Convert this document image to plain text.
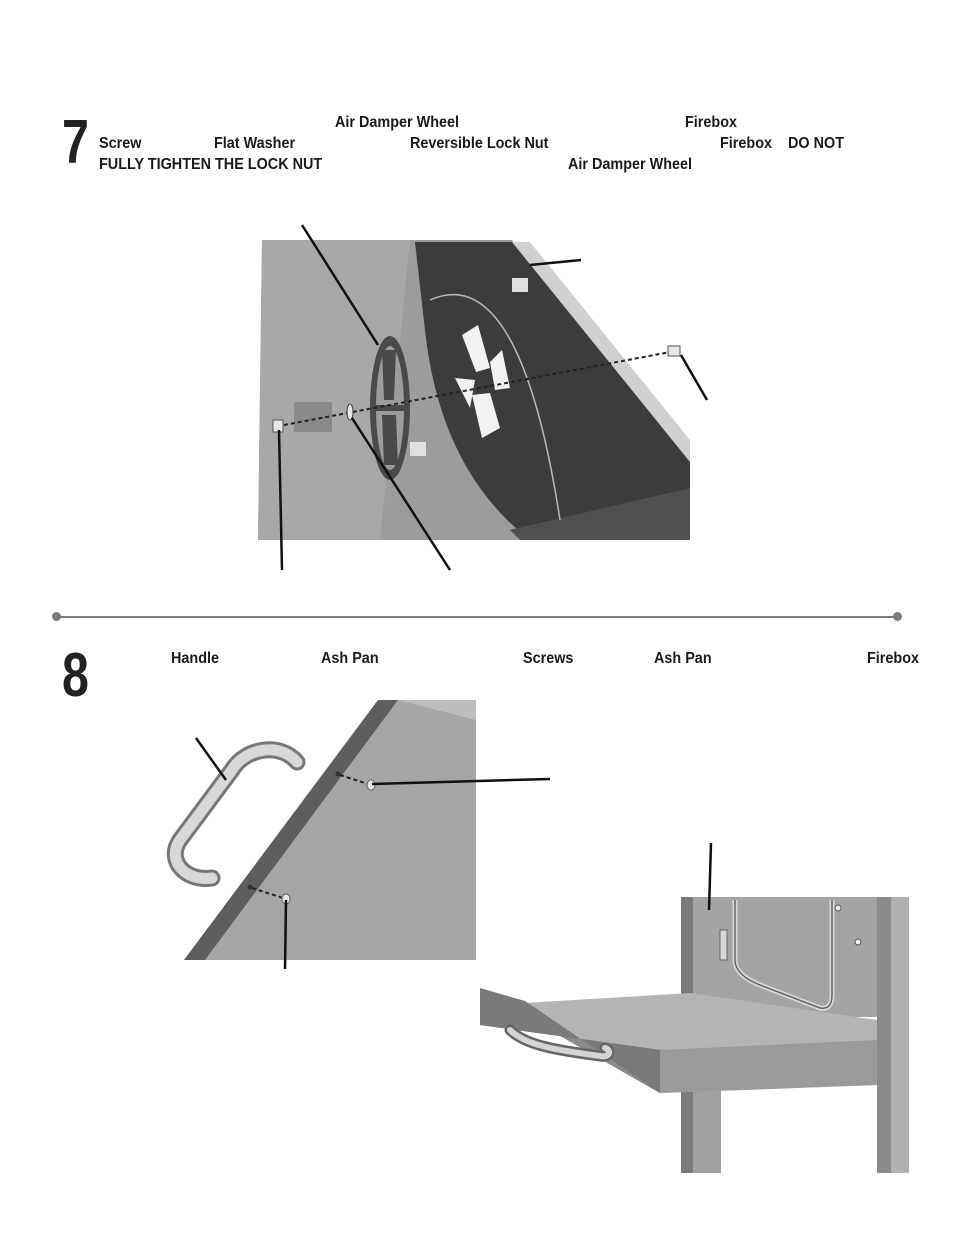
7	Air Damper Wheel	Firebox
Screw	Flat Washer	Reversible Lock Nut	Firebox DO NOT
FULLY TIGHTEN THE LOCK NUT	Air Damper Wheel
8	Handle	Ash Pan	Screws	Ash Pan	Firebox
